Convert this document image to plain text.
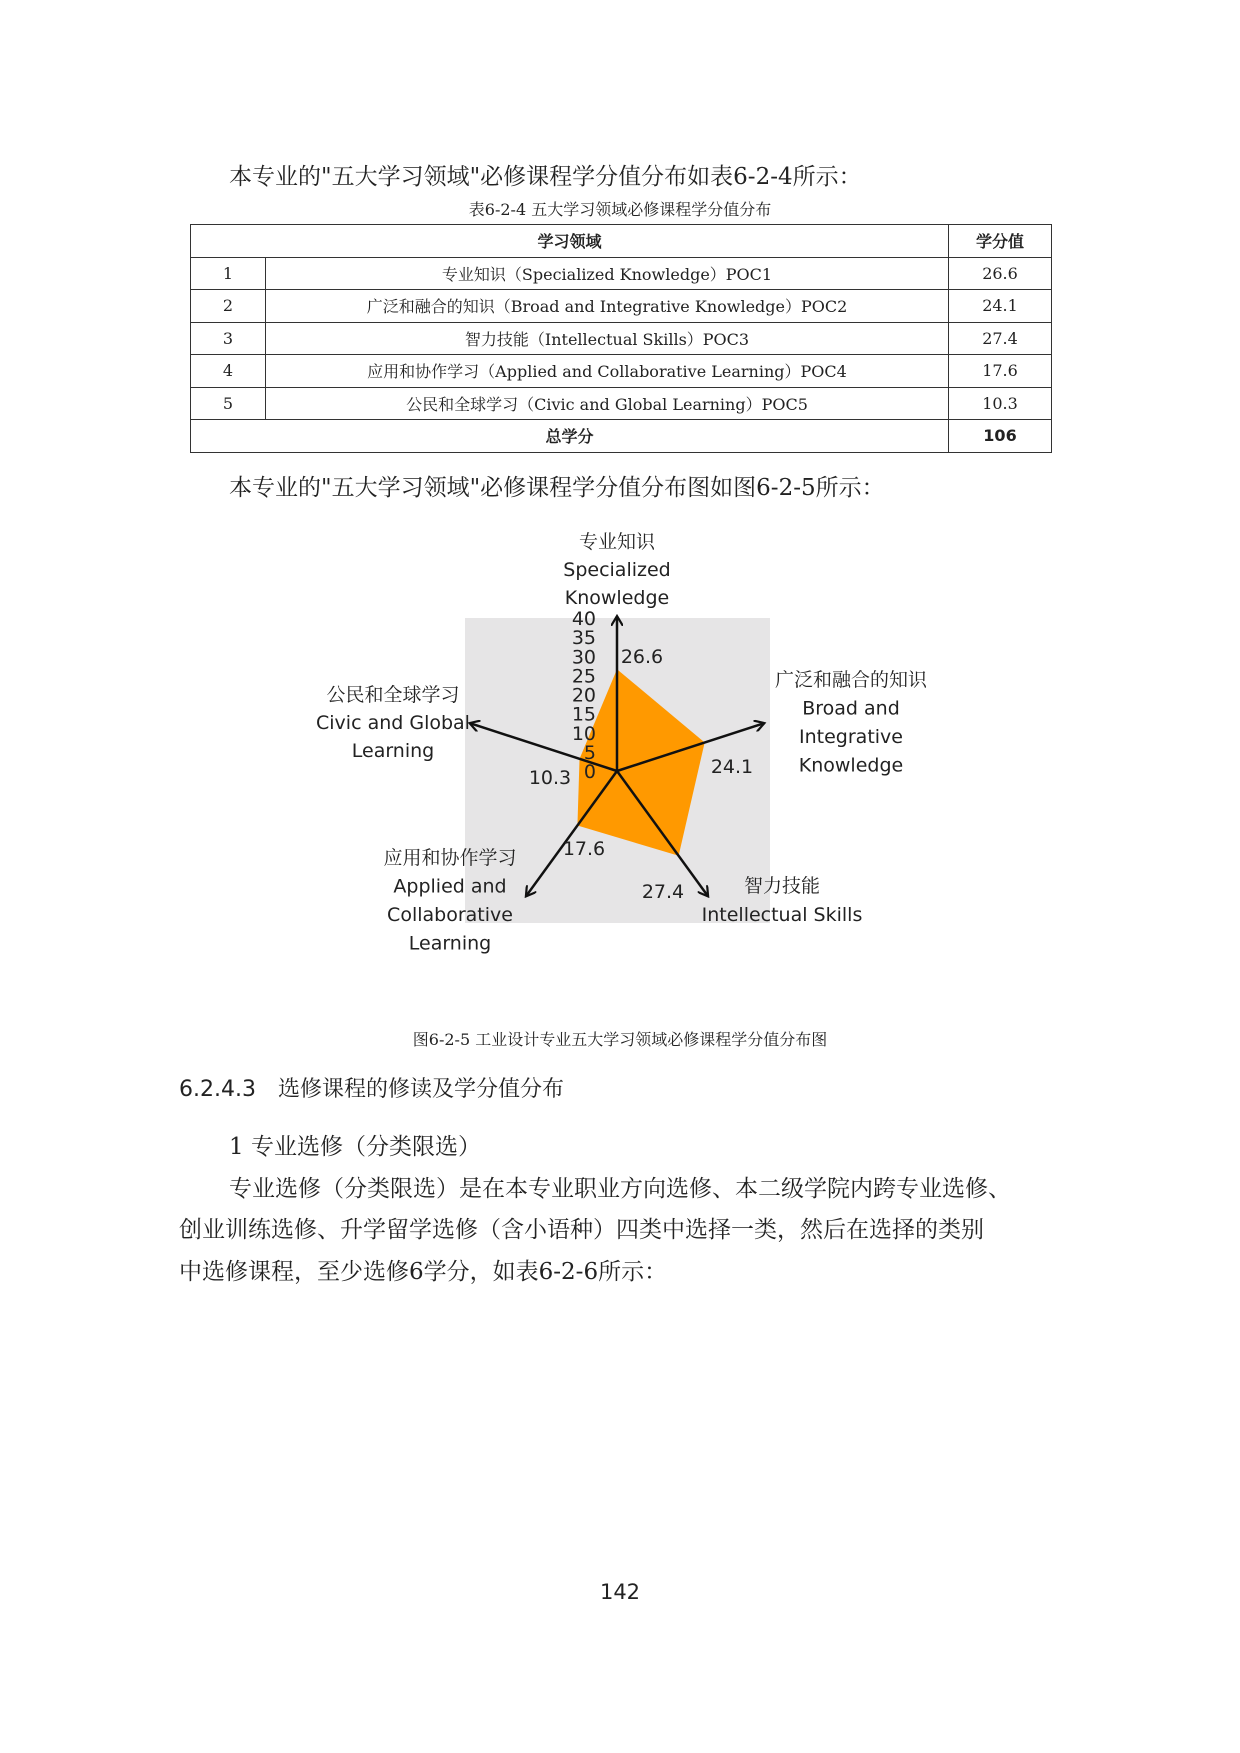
本专业的"五大学习领域"必修课程学分值分布如表6-2-4所示：
表6-2-4 五大学习领域必修课程学分值分布
学习领域		学分值
1	专业知识（Specialized Knowledge）POC1	26.6
2	广泛和融合的知识（Broad and Integrative Knowledge）POC2	24.1
3	智力技能（Intellectual Skills）POC3	27.4
4	应用和协作学习（Applied and Collaborative Learning）POC4	17.6
5	公民和全球学习（Civic and Global Learning）POC5	10.3
总学分		106
本专业的"五大学习领域"必修课程学分值分布图如图6-2-5所示：
0
5
10
15
20
25
30
35
40
26.6
24.1
27.4
17.6
10.3
专业知识
Specialized
Knowledge
广泛和融合的知识
Broad and
Integrative
Knowledge
智力技能
Intellectual Skills
应用和协作学习
Applied and
Collaborative
Learning
公民和全球学习
Civic and Global
Learning
图6-2-5 工业设计专业五大学习领域必修课程学分值分布图
6.2.4.3　选修课程的修读及学分值分布
1 专业选修（分类限选）
专业选修（分类限选）是在本专业职业方向选修、本二级学院内跨专业选修、
创业训练选修、升学留学选修（含小语种）四类中选择一类，然后在选择的类别
中选修课程，至少选修6学分，如表6-2-6所示：
142
